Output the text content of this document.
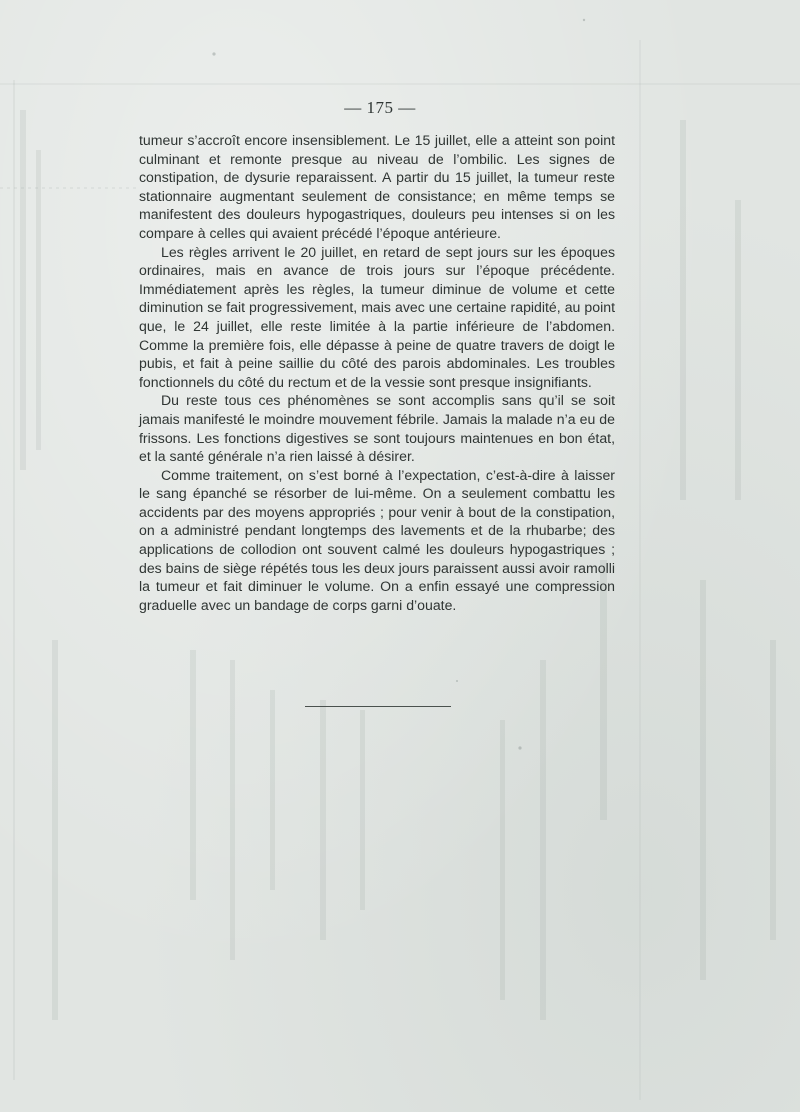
— 175 —

tumeur s’accroît encore insensiblement. Le 15 juillet, elle a atteint son point culminant et remonte presque au niveau de l’ombilic. Les signes de constipation, de dysurie reparaissent. A partir du 15 juillet, la tumeur reste stationnaire augmentant seulement de consistance; en même temps se manifestent des douleurs hypogastriques, douleurs peu intenses si on les compare à celles qui avaient précédé l’époque antérieure.

Les règles arrivent le 20 juillet, en retard de sept jours sur les époques ordinaires, mais en avance de trois jours sur l’époque précédente. Immédiatement après les règles, la tumeur diminue de volume et cette diminution se fait progressivement, mais avec une certaine rapidité, au point que, le 24 juillet, elle reste limitée à la partie inférieure de l’abdomen. Comme la première fois, elle dépasse à peine de quatre travers de doigt le pubis, et fait à peine saillie du côté des parois abdominales. Les troubles fonctionnels du côté du rectum et de la vessie sont presque insignifiants.

Du reste tous ces phénomènes se sont accomplis sans qu’il se soit jamais manifesté le moindre mouvement fébrile. Jamais la malade n’a eu de frissons. Les fonctions digestives se sont toujours maintenues en bon état, et la santé générale n’a rien laissé à désirer.

Comme traitement, on s’est borné à l’expectation, c’est-à-dire à laisser le sang épanché se résorber de lui-même. On a seulement combattu les accidents par des moyens appropriés ; pour venir à bout de la constipation, on a administré pendant longtemps des lavements et de la rhubarbe; des applications de collodion ont souvent calmé les douleurs hypogastriques ; des bains de siège répétés tous les deux jours paraissent aussi avoir ramolli la tumeur et fait diminuer le volume. On a enfin essayé une compression graduelle avec un bandage de corps garni d’ouate.
